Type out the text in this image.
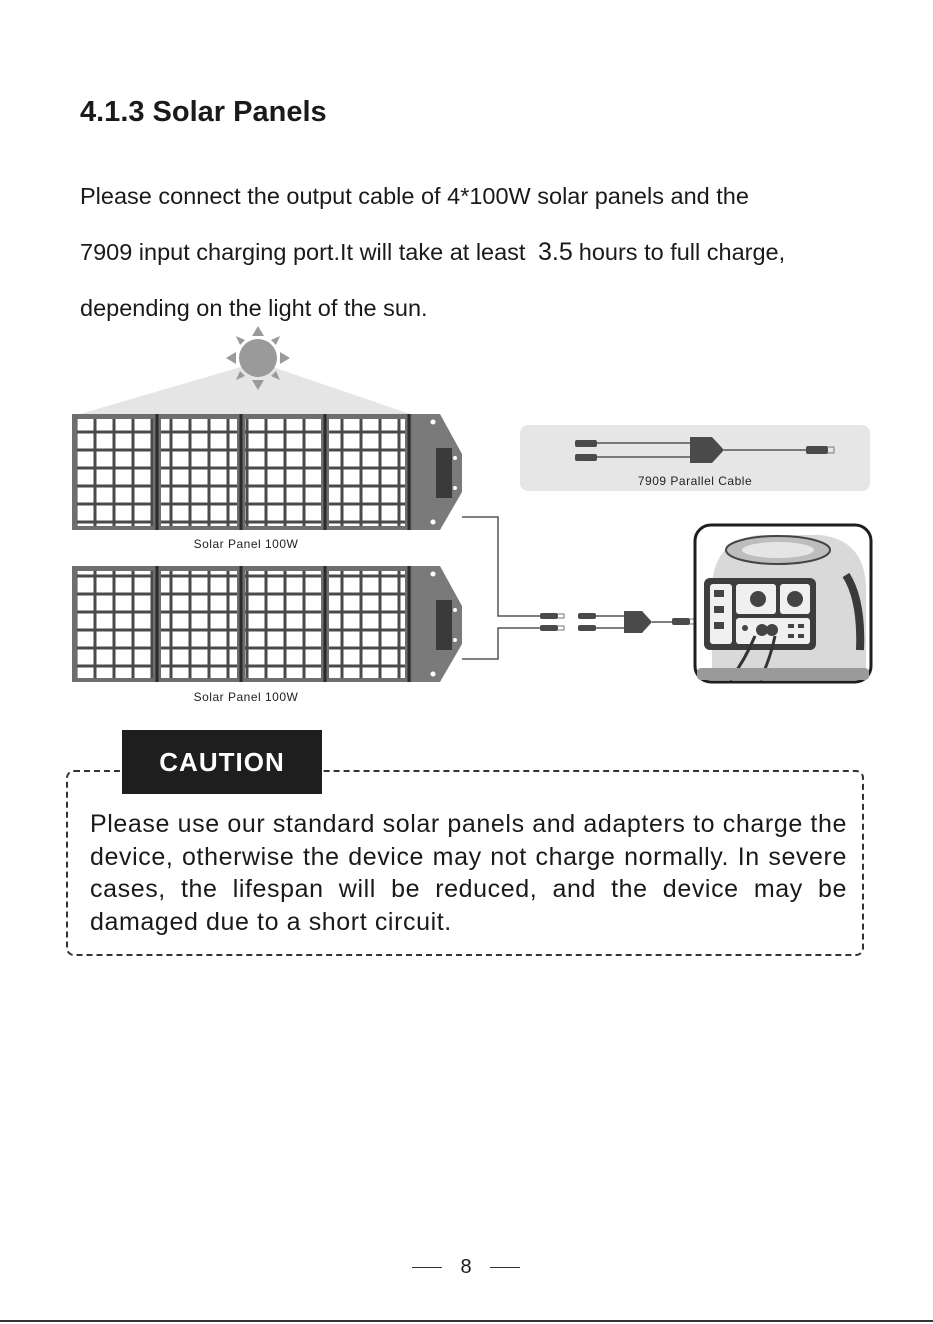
4.1.3 Solar Panels

Please connect the output cable of 4*100W solar panels and the
7909 input charging port.It will take at least 3.5 hours to full charge,
depending on the light of the sun.

Solar Panel 100W
Solar Panel 100W
7909 Parallel Cable
CAUTION

Please use our standard solar panels and adapters to charge the device, otherwise the device may not charge normally. In severe cases, the lifespan will be reduced, and the device may be damaged due to a short circuit.

8
